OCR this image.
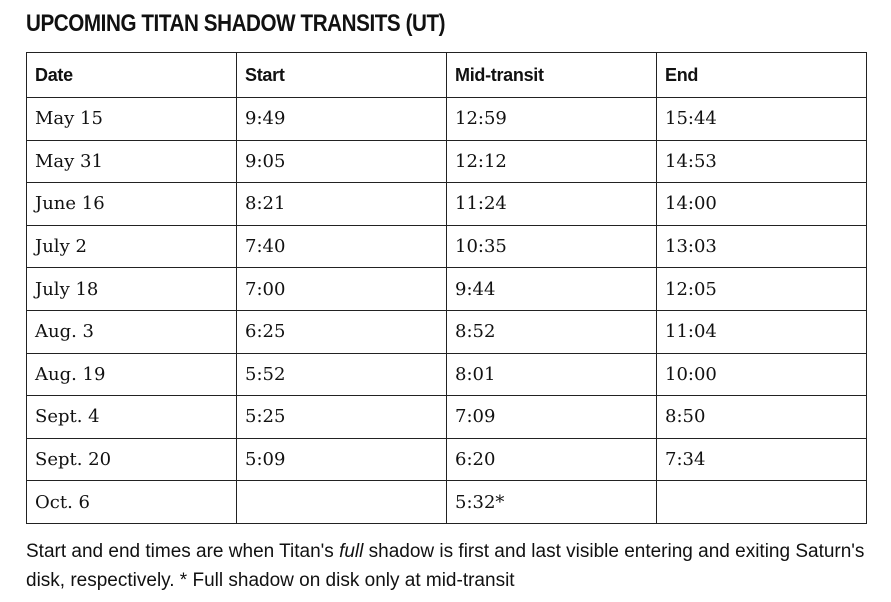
UPCOMING TITAN SHADOW TRANSITS (UT)
Date	Start	Mid-transit	End
May 15	9:49	12:59	15:44
May 31	9:05	12:12	14:53
June 16	8:21	11:24	14:00
July 2	7:40	10:35	13:03
July 18	7:00	9:44	12:05
Aug. 3	6:25	8:52	11:04
Aug. 19	5:52	8:01	10:00
Sept. 4	5:25	7:09	8:50
Sept. 20	5:09	6:20	7:34
Oct. 6		5:32*	
Start and end times are when Titan's full shadow is first and last visible entering and exiting Saturn's disk, respectively. * Full shadow on disk only at mid-transit
